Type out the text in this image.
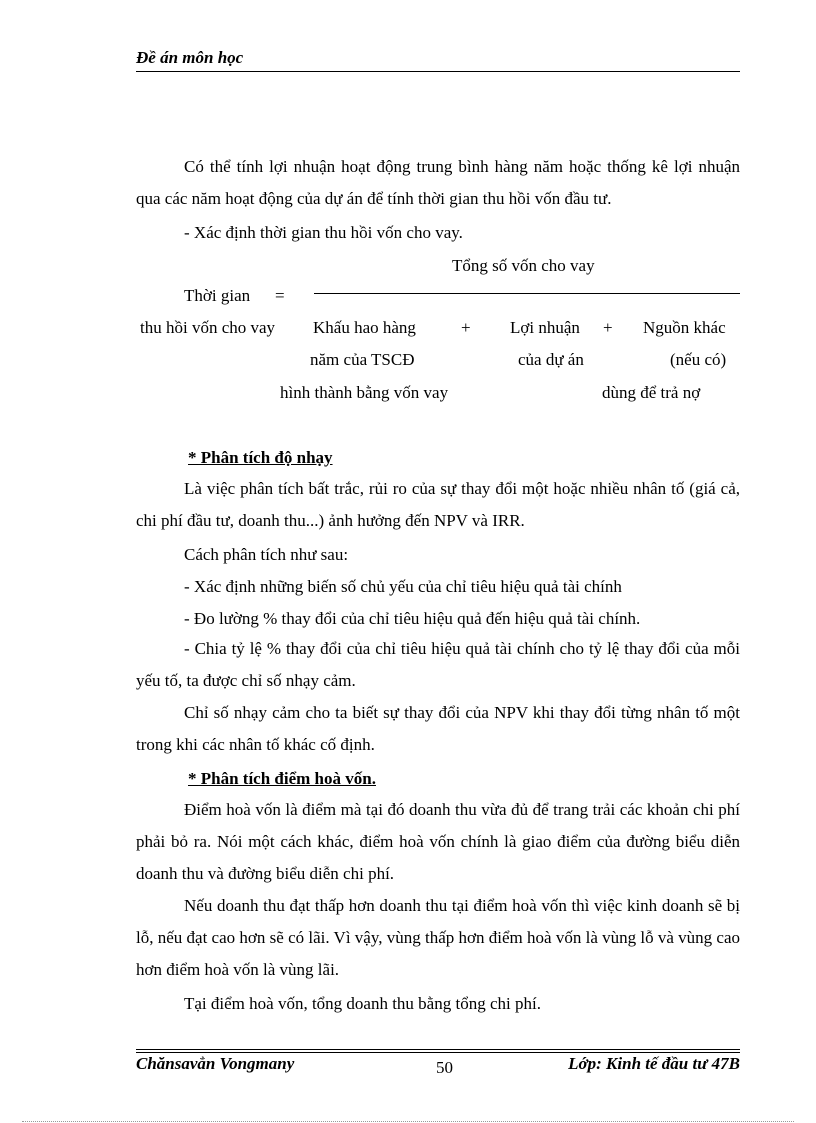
Đề án môn học

Có thể tính lợi nhuận hoạt động trung bình hàng năm hoặc thống kê lợi nhuận qua các năm hoạt động của dự án để tính thời gian thu hồi vốn đầu tư.

- Xác định thời gian thu hồi vốn cho vay.
Tổng số vốn cho vay
Thời gian =
thu hồi vốn cho vay Khấu hao hàng	+ Lợi nhuận + Nguồn khác
năm của TSCĐ	của dự án	(nếu có)
hình thành bằng vốn vay	dùng để trả nợ
* Phân tích độ nhạy

Là việc phân tích bất trắc, rủi ro của sự thay đổi một hoặc nhiều nhân tố (giá cả, chi phí đầu tư, doanh thu...) ảnh hưởng đến NPV và IRR.

Cách phân tích như sau:
- Xác định những biến số chủ yếu của chỉ tiêu hiệu quả tài chính
- Đo lường % thay đổi của chỉ tiêu hiệu quả đến hiệu quả tài chính.

- Chia tỷ lệ % thay đổi của chỉ tiêu hiệu quả tài chính cho tỷ lệ thay đổi của mỗi yếu tố, ta được chỉ số nhạy cảm.

Chỉ số nhạy cảm cho ta biết sự thay đổi của NPV khi thay đổi từng nhân tố một trong khi các nhân tố khác cố định.

* Phân tích điểm hoà vốn.

Điểm hoà vốn là điểm mà tại đó doanh thu vừa đủ để trang trải các khoản chi phí phải bỏ ra. Nói một cách khác, điểm hoà vốn chính là giao điểm của đường biểu diễn doanh thu và đường biểu diễn chi phí.

Nếu doanh thu đạt thấp hơn doanh thu tại điểm hoà vốn thì việc kinh doanh sẽ bị lỗ, nếu đạt cao hơn sẽ có lãi. Vì vậy, vùng thấp hơn điểm hoà vốn là vùng lỗ và vùng cao hơn điểm hoà vốn là vùng lãi.

Tại điểm hoà vốn, tổng doanh thu bằng tổng chi phí.
Chănsavẳn Vongmany	50	Lớp: Kinh tế đầu tư 47B
